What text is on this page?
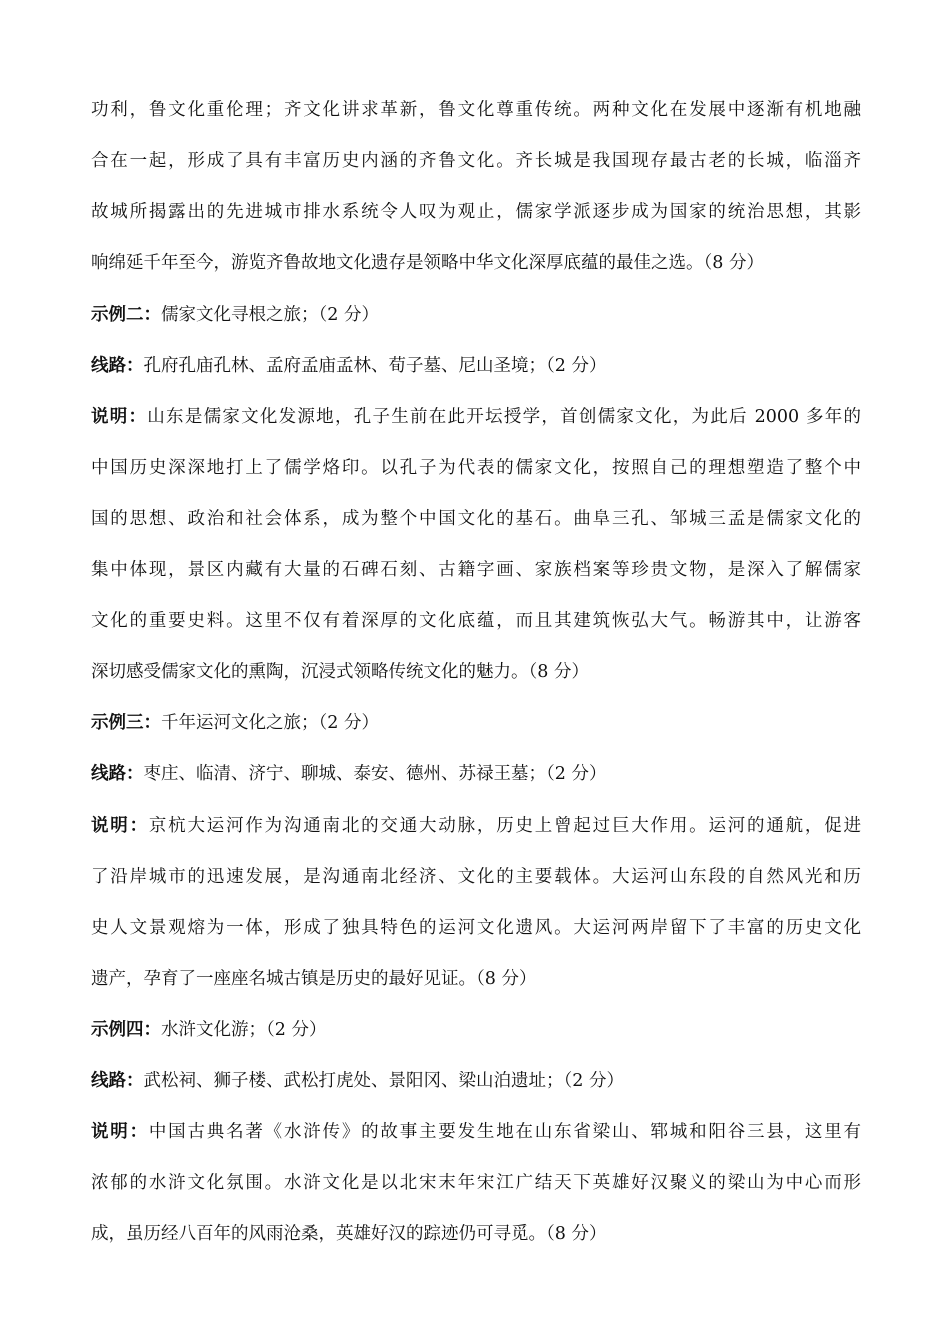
功利，鲁文化重伦理；齐文化讲求革新，鲁文化尊重传统。两种文化在发展中逐渐有机地融
合在一起，形成了具有丰富历史内涵的齐鲁文化。齐长城是我国现存最古老的长城，临淄齐
故城所揭露出的先进城市排水系统令人叹为观止，儒家学派逐步成为国家的统治思想，其影
响绵延千年至今，游览齐鲁故地文化遗存是领略中华文化深厚底蕴的最佳之选。（8 分）
示例二：儒家文化寻根之旅；（2 分）
线路：孔府孔庙孔林、孟府孟庙孟林、荀子墓、尼山圣境；（2 分）
说明：山东是儒家文化发源地，孔子生前在此开坛授学，首创儒家文化，为此后 2000 多年的
中国历史深深地打上了儒学烙印。以孔子为代表的儒家文化，按照自己的理想塑造了整个中
国的思想、政治和社会体系，成为整个中国文化的基石。曲阜三孔、邹城三孟是儒家文化的
集中体现，景区内藏有大量的石碑石刻、古籍字画、家族档案等珍贵文物，是深入了解儒家
文化的重要史料。这里不仅有着深厚的文化底蕴，而且其建筑恢弘大气。畅游其中，让游客
深切感受儒家文化的熏陶，沉浸式领略传统文化的魅力。（8 分）
示例三：千年运河文化之旅；（2 分）
线路：枣庄、临清、济宁、聊城、泰安、德州、苏禄王墓；（2 分）
说明：京杭大运河作为沟通南北的交通大动脉，历史上曾起过巨大作用。运河的通航，促进
了沿岸城市的迅速发展，是沟通南北经济、文化的主要载体。大运河山东段的自然风光和历
史人文景观熔为一体，形成了独具特色的运河文化遗风。大运河两岸留下了丰富的历史文化
遗产，孕育了一座座名城古镇是历史的最好见证。（8 分）
示例四：水浒文化游；（2 分）
线路：武松祠、狮子楼、武松打虎处、景阳冈、梁山泊遗址；（2 分）
说明：中国古典名著《水浒传》的故事主要发生地在山东省梁山、郓城和阳谷三县，这里有
浓郁的水浒文化氛围。水浒文化是以北宋末年宋江广结天下英雄好汉聚义的梁山为中心而形
成，虽历经八百年的风雨沧桑，英雄好汉的踪迹仍可寻觅。（8 分）
